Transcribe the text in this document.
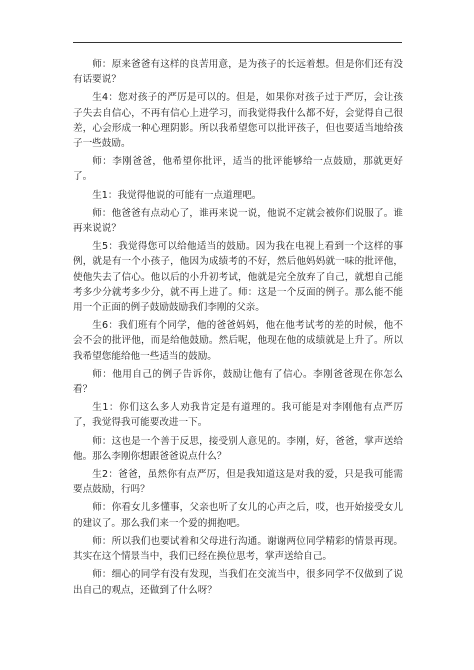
师：原来爸爸有这样的良苦用意，是为孩子的长远着想。但是你们还有没有话要说？

生4：您对孩子的严厉是可以的。但是，如果你对孩子过于严厉，会让孩子失去自信心，不再有信心上进学习，而我觉得我什么都不好，会觉得自己很差，心会形成一种心理阴影。所以我希望您可以批评孩子，但也要适当地给孩子一些鼓励。

师：李刚爸爸，他希望你批评，适当的批评能够给一点鼓励，那就更好了。

生1：我觉得他说的可能有一点道理吧。

师：他爸爸有点动心了，谁再来说一说，他说不定就会被你们说服了。谁再来说说？

生5：我觉得您可以给他适当的鼓励。因为我在电视上看到一个这样的事例，就是有一个小孩子，他因为成绩考的不好，然后他妈妈就一味的批评他，使他失去了信心。他以后的小升初考试，他就是完全放弃了自己，就想自己能考多少分就考多少分，就不再上进了。师：这是一个反面的例子。那么能不能用一个正面的例子鼓励鼓励我们李刚的父亲。

生6：我们班有个同学，他的爸爸妈妈，他在他考试考的差的时候，他不会不会的批评他，而是给他鼓励。然后呢，他现在他的成绩就是上升了。所以我希望您能给他一些适当的鼓励。

师：他用自己的例子告诉你，鼓励让他有了信心。李刚爸爸现在你怎么看？

生1：你们这么多人劝我肯定是有道理的。我可能是对李刚他有点严厉了，我觉得我可能要改进一下。

师：这也是一个善于反思，接受别人意见的。李刚，好，爸爸，掌声送给他。那么李刚你想跟爸爸说点什么？

生2：爸爸，虽然你有点严厉，但是我知道这是对我的爱，只是我可能需要点鼓励，行吗？

师：你看女儿多懂事，父亲也听了女儿的心声之后，哎，也开始接受女儿的建议了。那么我们来一个爱的拥抱吧。

师：所以我们也要试着和父母进行沟通。谢谢两位同学精彩的情景再现。其实在这个情景当中，我们已经在换位思考，掌声送给自己。

师：细心的同学有没有发现，当我们在交流当中，很多同学不仅做到了说出自己的观点，还做到了什么呀？
